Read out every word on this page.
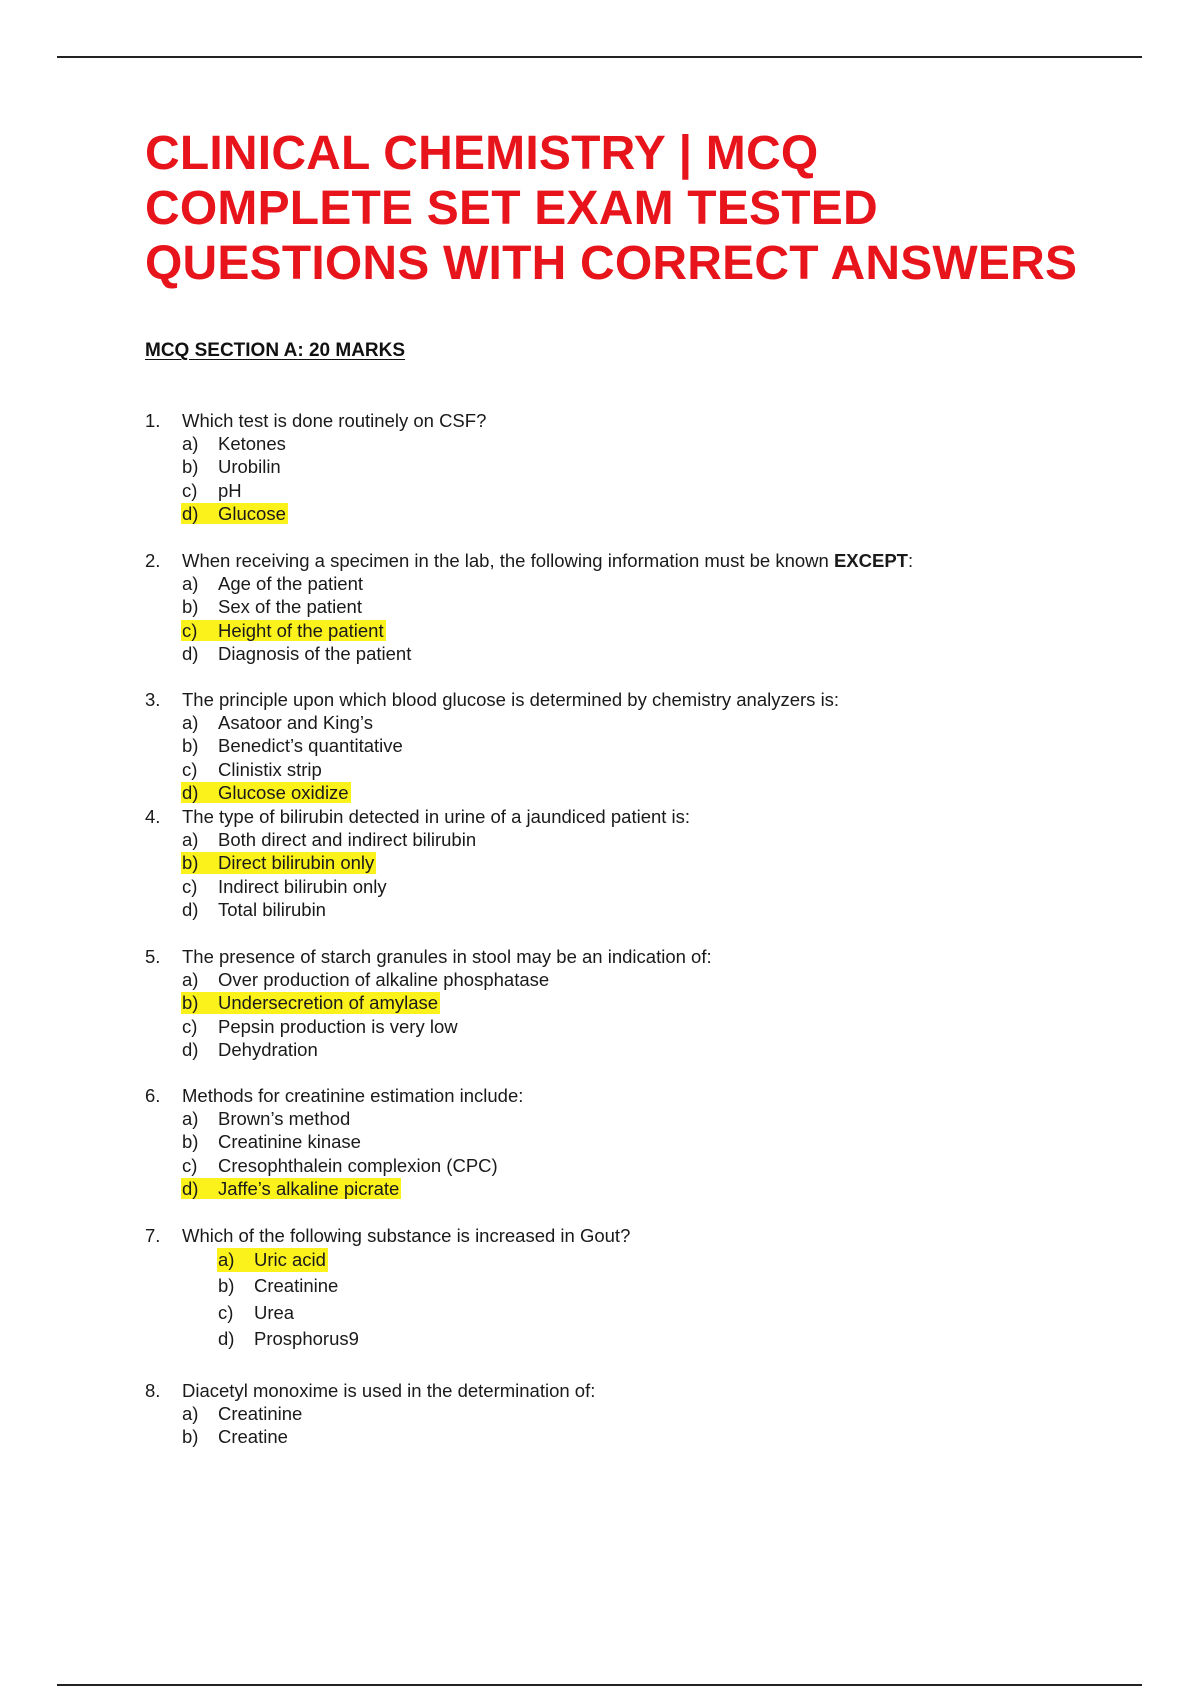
CLINICAL CHEMISTRY | MCQ
COMPLETE SET EXAM TESTED
QUESTIONS WITH CORRECT ANSWERS
MCQ SECTION A: 20 MARKS
1. Which test is done routinely on CSF?
a) Ketones
b) Urobilin
c) pH
d) Glucose
2. When receiving a specimen in the lab, the following information must be known EXCEPT:
a) Age of the patient
b) Sex of the patient
c) Height of the patient
d) Diagnosis of the patient
3. The principle upon which blood glucose is determined by chemistry analyzers is:
a) Asatoor and King’s
b) Benedict’s quantitative
c) Clinistix strip
d) Glucose oxidize
4. The type of bilirubin detected in urine of a jaundiced patient is:
a) Both direct and indirect bilirubin
b) Direct bilirubin only
c) Indirect bilirubin only
d) Total bilirubin
5. The presence of starch granules in stool may be an indication of:
a) Over production of alkaline phosphatase
b) Undersecretion of amylase
c) Pepsin production is very low
d) Dehydration
6. Methods for creatinine estimation include:
a) Brown’s method
b) Creatinine kinase
c) Cresophthalein complexion (CPC)
d) Jaffe’s alkaline picrate
7. Which of the following substance is increased in Gout?
a) Uric acid
b) Creatinine
c) Urea
d) Prosphorus9
8. Diacetyl monoxime is used in the determination of:
a) Creatinine
b) Creatine
